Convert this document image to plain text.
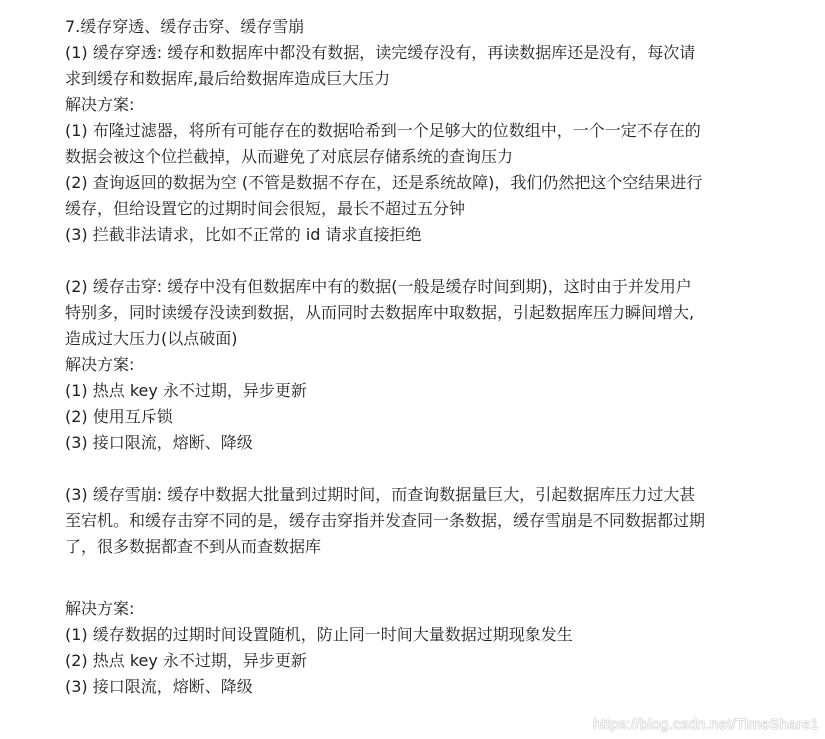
7.缓存穿透、缓存击穿、缓存雪崩
(1) 缓存穿透: 缓存和数据库中都没有数据，读完缓存没有，再读数据库还是没有，每次请
求到缓存和数据库,最后给数据库造成巨大压力
解决方案:
(1) 布隆过滤器，将所有可能存在的数据哈希到一个足够大的位数组中，一个一定不存在的
数据会被这个位拦截掉，从而避免了对底层存储系统的查询压力
(2) 查询返回的数据为空 (不管是数据不存在，还是系统故障)，我们仍然把这个空结果进行
缓存，但给设置它的过期时间会很短，最长不超过五分钟
(3) 拦截非法请求，比如不正常的 id 请求直接拒绝
(2) 缓存击穿: 缓存中没有但数据库中有的数据(一般是缓存时间到期)，这时由于并发用户
特别多，同时读缓存没读到数据，从而同时去数据库中取数据，引起数据库压力瞬间增大,
造成过大压力(以点破面)
解决方案:
(1) 热点 key 永不过期，异步更新
(2) 使用互斥锁
(3) 接口限流，熔断、降级
(3) 缓存雪崩: 缓存中数据大批量到过期时间，而查询数据量巨大，引起数据库压力过大甚
至宕机。和缓存击穿不同的是，缓存击穿指并发查同一条数据，缓存雪崩是不同数据都过期
了，很多数据都查不到从而查数据库
解决方案:
(1) 缓存数据的过期时间设置随机，防止同一时间大量数据过期现象发生
(2) 热点 key 永不过期，异步更新
(3) 接口限流，熔断、降级
https://blog.csdn.net/TimeShare1
